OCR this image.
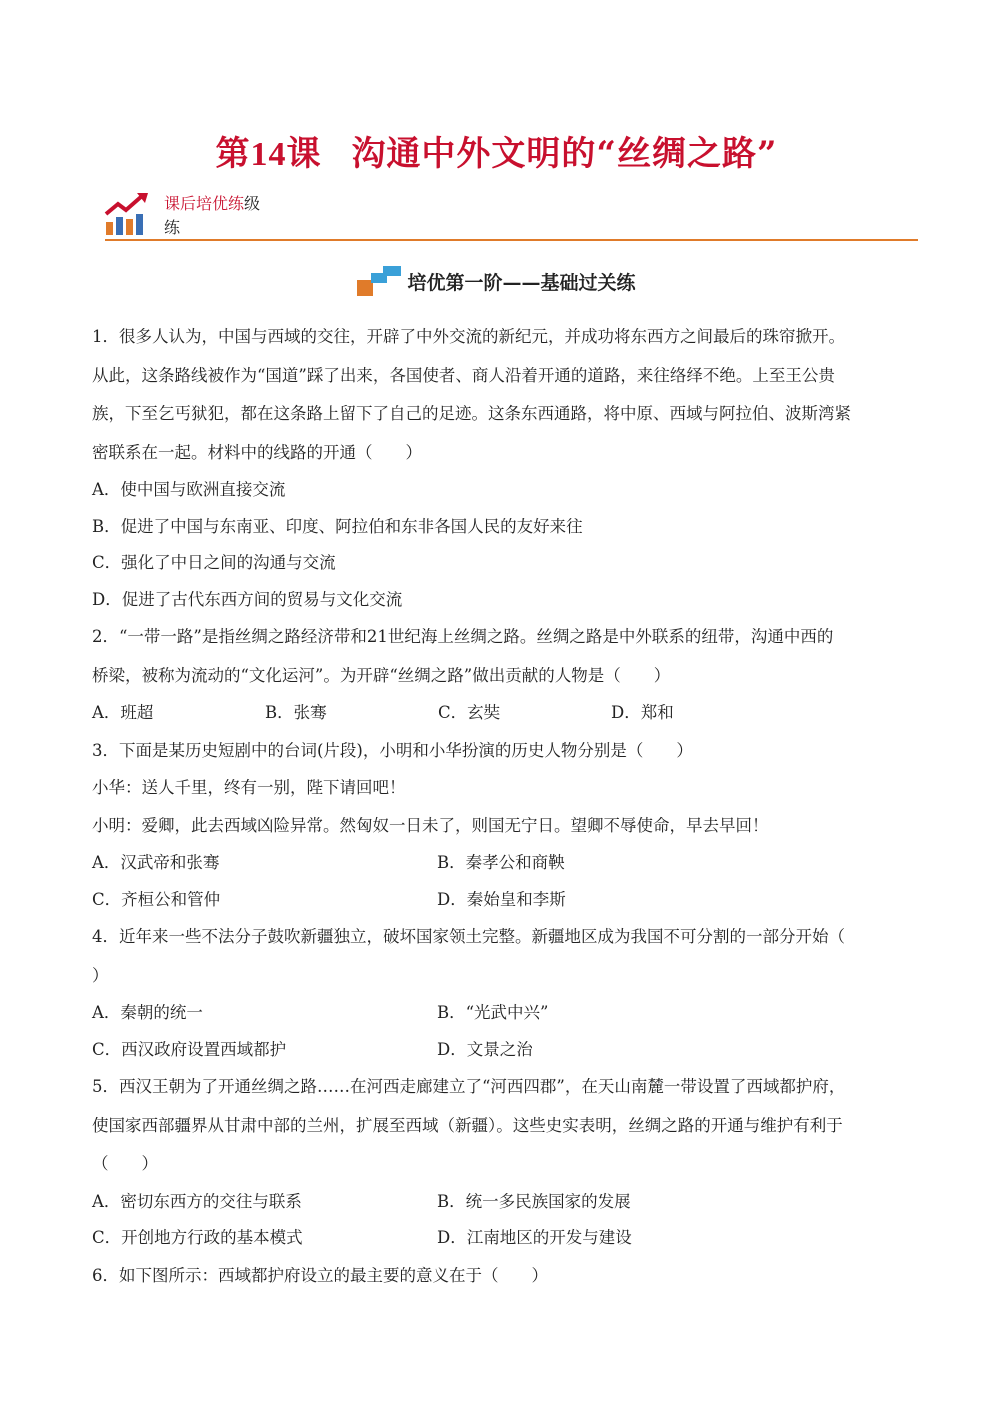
第14课 沟通中外文明的“丝绸之路”
课后培优练级
练
培优第一阶——基础过关练

1．很多人认为，中国与西域的交往，开辟了中外交流的新纪元，并成功将东西方之间最后的珠帘掀开。

从此，这条路线被作为“国道”踩了出来，各国使者、商人沿着开通的道路，来往络绎不绝。上至王公贵

族，下至乞丐狱犯，都在这条路上留下了自己的足迹。这条东西通路，将中原、西域与阿拉伯、波斯湾紧

密联系在一起。材料中的线路的开通（　　）

A．使中国与欧洲直接交流

B．促进了中国与东南亚、印度、阿拉伯和东非各国人民的友好来往

C．强化了中日之间的沟通与交流

D．促进了古代东西方间的贸易与文化交流

2．“一带一路”是指丝绸之路经济带和21世纪海上丝绸之路。丝绸之路是中外联系的纽带，沟通中西的

桥梁，被称为流动的“文化运河”。为开辟“丝绸之路”做出贡献的人物是（　　）

A．班超	B．张骞	C．玄奘	D．郑和

3．下面是某历史短剧中的台词(片段)，小明和小华扮演的历史人物分别是（　　）

小华：送人千里，终有一别，陛下请回吧！

小明：爱卿，此去西域凶险异常。然匈奴一日未了，则国无宁日。望卿不辱使命，早去早回！

A．汉武帝和张骞	B．秦孝公和商鞅
C．齐桓公和管仲	D．秦始皇和李斯

4．近年来一些不法分子鼓吹新疆独立，破坏国家领土完整。新疆地区成为我国不可分割的一部分开始（

）

A．秦朝的统一	B．“光武中兴”
C．西汉政府设置西域都护	D．文景之治

5．西汉王朝为了开通丝绸之路……在河西走廊建立了“河西四郡”，在天山南麓一带设置了西域都护府，

使国家西部疆界从甘肃中部的兰州，扩展至西域（新疆）。这些史实表明，丝绸之路的开通与维护有利于

（　　）

A．密切东西方的交往与联系	B．统一多民族国家的发展
C．开创地方行政的基本模式	D．江南地区的开发与建设

6．如下图所示：西域都护府设立的最主要的意义在于（　　）
